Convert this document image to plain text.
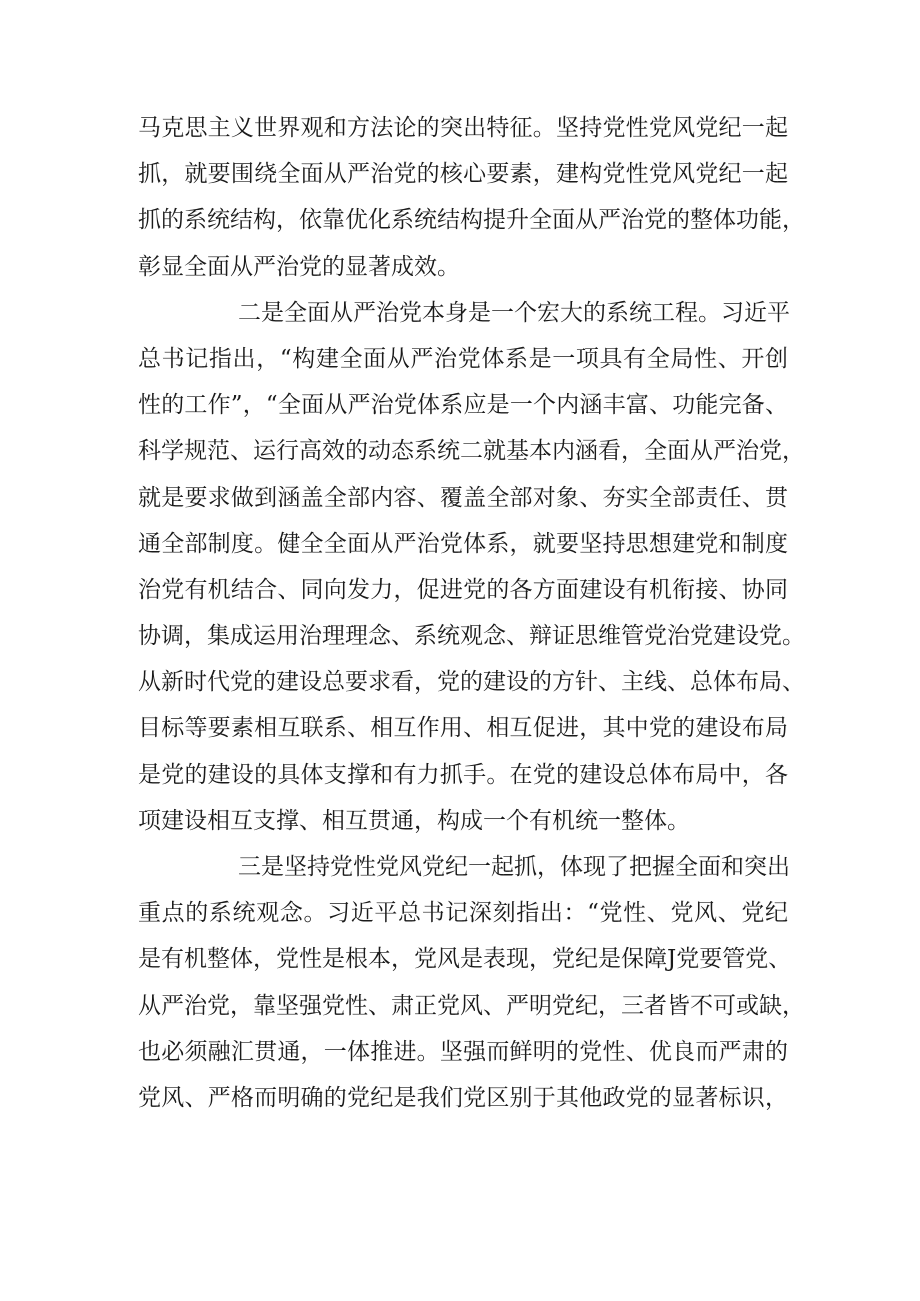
马克思主义世界观和方法论的突出特征。坚持党性党风党纪一起
抓，就要围绕全面从严治党的核心要素，建构党性党风党纪一起
抓的系统结构，依靠优化系统结构提升全面从严治党的整体功能，
彰显全面从严治党的显著成效。
二是全面从严治党本身是一个宏大的系统工程。习近平
总书记指出，“构建全面从严治党体系是一项具有全局性、开创
性的工作”，“全面从严治党体系应是一个内涵丰富、功能完备、
科学规范、运行高效的动态系统二就基本内涵看，全面从严治党，
就是要求做到涵盖全部内容、覆盖全部对象、夯实全部责任、贯
通全部制度。健全全面从严治党体系，就要坚持思想建党和制度
治党有机结合、同向发力，促进党的各方面建设有机衔接、协同
协调，集成运用治理理念、系统观念、辩证思维管党治党建设党。
从新时代党的建设总要求看，党的建设的方针、主线、总体布局、
目标等要素相互联系、相互作用、相互促进，其中党的建设布局
是党的建设的具体支撑和有力抓手。在党的建设总体布局中，各
项建设相互支撑、相互贯通，构成一个有机统一整体。
三是坚持党性党风党纪一起抓，体现了把握全面和突出
重点的系统观念。习近平总书记深刻指出：“党性、党风、党纪
是有机整体，党性是根本，党风是表现，党纪是保障J党要管党、
从严治党，靠坚强党性、肃正党风、严明党纪，三者皆不可或缺，
也必须融汇贯通，一体推进。坚强而鲜明的党性、优良而严肃的
党风、严格而明确的党纪是我们党区别于其他政党的显著标识，
